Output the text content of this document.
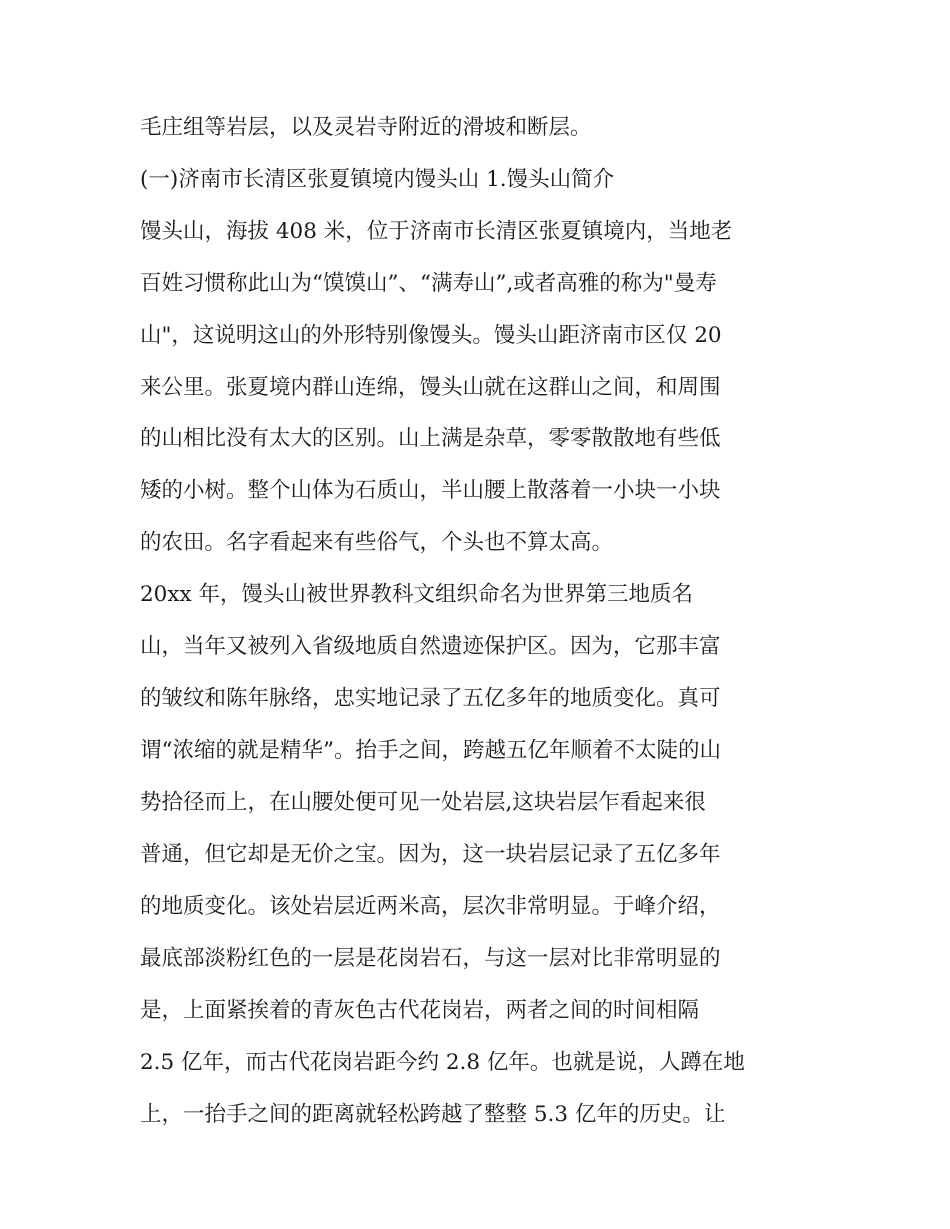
毛庄组等岩层，以及灵岩寺附近的滑坡和断层。

(一)济南市长清区张夏镇境内馒头山 1.馒头山简介

馒头山，海拔 408 米，位于济南市长清区张夏镇境内，当地老

百姓习惯称此山为“馍馍山”、“满寿山”,或者高雅的称为"曼寿

山"，这说明这山的外形特别像馒头。馒头山距济南市区仅 20

来公里。张夏境内群山连绵，馒头山就在这群山之间，和周围

的山相比没有太大的区别。山上满是杂草，零零散散地有些低

矮的小树。整个山体为石质山，半山腰上散落着一小块一小块

的农田。名字看起来有些俗气，个头也不算太高。

20xx 年，馒头山被世界教科文组织命名为世界第三地质名

山，当年又被列入省级地质自然遗迹保护区。因为，它那丰富

的皱纹和陈年脉络，忠实地记录了五亿多年的地质变化。真可

谓“浓缩的就是精华”。抬手之间，跨越五亿年顺着不太陡的山

势拾径而上，在山腰处便可见一处岩层,这块岩层乍看起来很

普通，但它却是无价之宝。因为，这一块岩层记录了五亿多年

的地质变化。该处岩层近两米高，层次非常明显。于峰介绍，

最底部淡粉红色的一层是花岗岩石，与这一层对比非常明显的

是，上面紧挨着的青灰色古代花岗岩，两者之间的时间相隔

2.5 亿年，而古代花岗岩距今约 2.8 亿年。也就是说，人蹲在地

上，一抬手之间的距离就轻松跨越了整整 5.3 亿年的历史。让
